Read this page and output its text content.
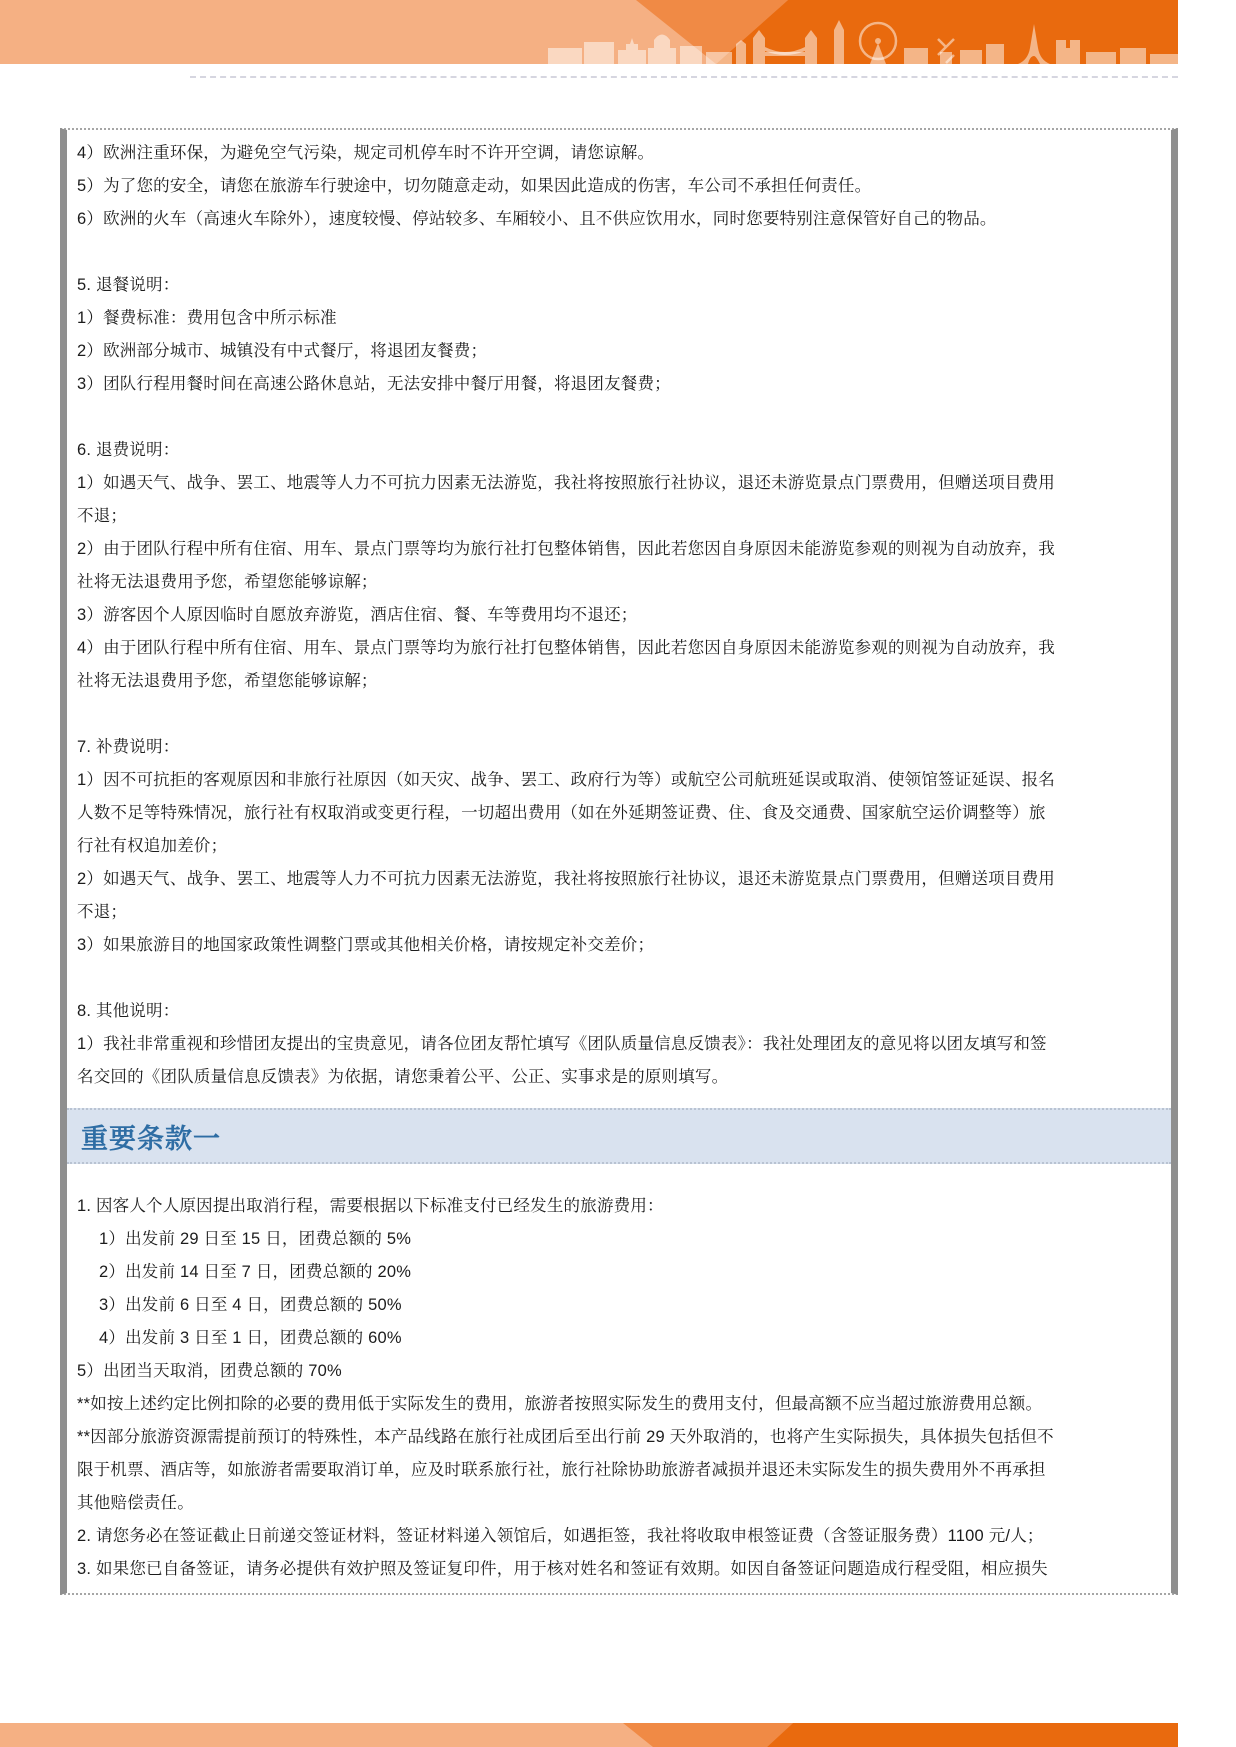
4）欧洲注重环保，为避免空气污染，规定司机停车时不许开空调，请您谅解。

5）为了您的安全，请您在旅游车行驶途中，切勿随意走动，如果因此造成的伤害，车公司不承担任何责任。

6）欧洲的火车（高速火车除外），速度较慢、停站较多、车厢较小、且不供应饮用水，同时您要特别注意保管好自己的物品。

5. 退餐说明：

1）餐费标准：费用包含中所示标准

2）欧洲部分城市、城镇没有中式餐厅，将退团友餐费；

3）团队行程用餐时间在高速公路休息站，无法安排中餐厅用餐，将退团友餐费；

6. 退费说明：

1）如遇天气、战争、罢工、地震等人力不可抗力因素无法游览，我社将按照旅行社协议，退还未游览景点门票费用，但赠送项目费用不退；

2）由于团队行程中所有住宿、用车、景点门票等均为旅行社打包整体销售，因此若您因自身原因未能游览参观的则视为自动放弃，我社将无法退费用予您，希望您能够谅解；

3）游客因个人原因临时自愿放弃游览，酒店住宿、餐、车等费用均不退还；

4）由于团队行程中所有住宿、用车、景点门票等均为旅行社打包整体销售，因此若您因自身原因未能游览参观的则视为自动放弃，我社将无法退费用予您，希望您能够谅解；

7. 补费说明：

1）因不可抗拒的客观原因和非旅行社原因（如天灾、战争、罢工、政府行为等）或航空公司航班延误或取消、使领馆签证延误、报名人数不足等特殊情况，旅行社有权取消或变更行程，一切超出费用（如在外延期签证费、住、食及交通费、国家航空运价调整等）旅行社有权追加差价；

2）如遇天气、战争、罢工、地震等人力不可抗力因素无法游览，我社将按照旅行社协议，退还未游览景点门票费用，但赠送项目费用不退；

3）如果旅游目的地国家政策性调整门票或其他相关价格，请按规定补交差价；

8. 其他说明：

1）我社非常重视和珍惜团友提出的宝贵意见，请各位团友帮忙填写《团队质量信息反馈表》：我社处理团友的意见将以团友填写和签名交回的《团队质量信息反馈表》为依据，请您秉着公平、公正、实事求是的原则填写。

重要条款一

1. 因客人个人原因提出取消行程，需要根据以下标准支付已经发生的旅游费用：

1）出发前 29 日至 15 日，团费总额的 5%

2）出发前 14 日至 7 日，团费总额的 20%

3）出发前 6 日至 4 日，团费总额的 50%

4）出发前 3 日至 1 日，团费总额的 60%

5）出团当天取消，团费总额的 70%

**如按上述约定比例扣除的必要的费用低于实际发生的费用，旅游者按照实际发生的费用支付，但最高额不应当超过旅游费用总额。

**因部分旅游资源需提前预订的特殊性，本产品线路在旅行社成团后至出行前 29 天外取消的，也将产生实际损失，具体损失包括但不限于机票、酒店等，如旅游者需要取消订单，应及时联系旅行社，旅行社除协助旅游者减损并退还未实际发生的损失费用外不再承担其他赔偿责任。

2. 请您务必在签证截止日前递交签证材料，签证材料递入领馆后，如遇拒签，我社将收取申根签证费（含签证服务费）1100 元/人；

3. 如果您已自备签证，请务必提供有效护照及签证复印件，用于核对姓名和签证有效期。如因自备签证问题造成行程受阻，相应损失
